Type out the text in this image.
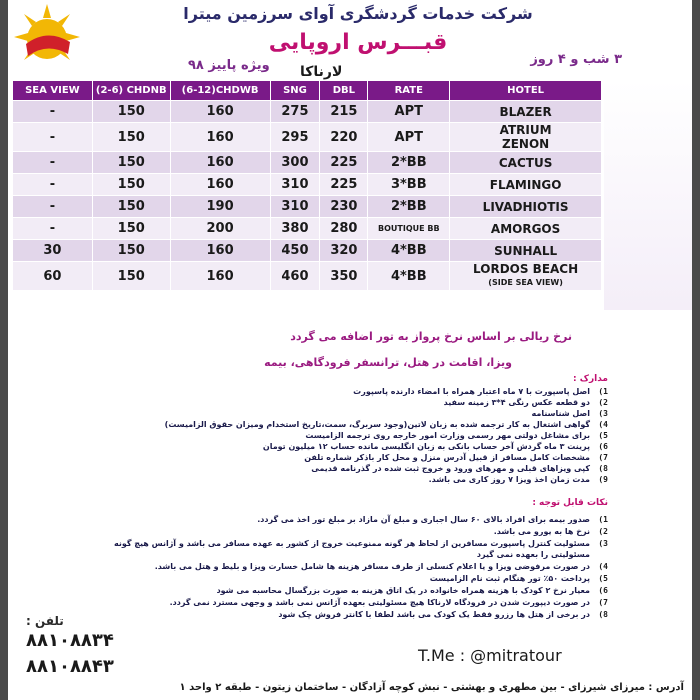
شرکت خدمات گردشگری آوای سرزمین میترا
قبـــرس اروپایی
۳ شب و ۴ روز
ویژه پاییز ۹۸ لارناکا
SEA VIEW	(2-6) CHDNB	(6-12)CHDWB	SNG	DBL	RATE	HOTEL
-	150	160	275	215	APT	BLAZER
-	150	160	295	220	APT	ATRIUM
ZENON
-	150	160	300	225	2*BB	CACTUS
-	150	160	310	225	3*BB	FLAMINGO
-	150	190	310	230	2*BB	LIVADHIOTIS
-	150	200	380	280	BOUTIQUE BB	AMORGOS
30	150	160	450	320	4*BB	SUNHALL
60	150	160	460	350	4*BB	LORDOS BEACH
(SIDE SEA VIEW)
نرخ ریالی بر اساس نرخ پرواز به تور اضافه می گردد
ویزا، اقامت در هتل، ترانسفر فرودگاهی، بیمه
مدارک :
1)
اصل پاسپورت با ۷ ماه اعتبار همراه با امضاء دارنده پاسپورت
2)
دو قطعه عکس رنگی ۴*۳ زمینه سفید
3)
اصل شناسنامه
4)
گواهی اشتغال به کار ترجمه شده به زبان لاتین(وجود سربرگ، سمت،تاریخ استخدام ومیزان حقوق الزامیست)
5)
برای مشاغل دولتی مهر رسمی وزارت امور خارجه روی ترجمه الزامیست
6)
پرینت ۳ ماه گردش آخر حساب بانکی به زبان انگلیسی مانده حساب ۱۲ میلیون تومان
7)
مشخصات کامل مسافر از قبیل آدرس منزل و محل کار باذکر شماره تلفن
8)
کپی ویزاهای قبلی و مهرهای ورود و خروج ثبت شده در گذرنامه قدیمی
9)
مدت زمان اخذ ویزا ۷ روز کاری می باشد.
نکات قابل توجه :
1)
صدور بیمه برای افراد بالای ۶۰ سال اجباری و مبلغ آن مازاد بر مبلغ تور اخذ می گردد.
2)
نرخ ها به یورو می باشد.
3)
مسئولیت کنترل پاسپورت مسافرین از لحاظ هر گونه ممنوعیت خروج از کشور به عهده مسافر می باشد و آژانس هیچ گونه مسئولیتی را بعهده نمی گیرد
4)
در صورت مرفوضی ویزا و یا اعلام کنسلی از طرف مسافر هزینه ها شامل خسارت ویزا و بلیط و هتل می باشد.
5)
پرداخت ۵۰٪ تور هنگام ثبت نام الزامیست
6)
معیار نرخ ۲ کودک با هزینه همراه خانواده در یک اتاق هزینه به صورت بزرگسال محاسبه می شود
7)
در صورت دیپورت شدن در فرودگاه لارناکا هیچ مسئولیتی بعهده آژانس نمی باشد و وجهی مسترد نمی گردد.
8)
در برخی از هتل ها رزرو فقط یک کودک می باشد لطفا با کانتر فروش چک شود
تلفن :
۸۸۱۰۸۸۳۴
۸۸۱۰۸۸۴۳
T.Me : @mitratour
آدرس : میرزای شیرزای - بین مطهری و بهشتی - نبش کوچه آزادگان - ساختمان زیتون - طبقه ۲ واحد ۱
